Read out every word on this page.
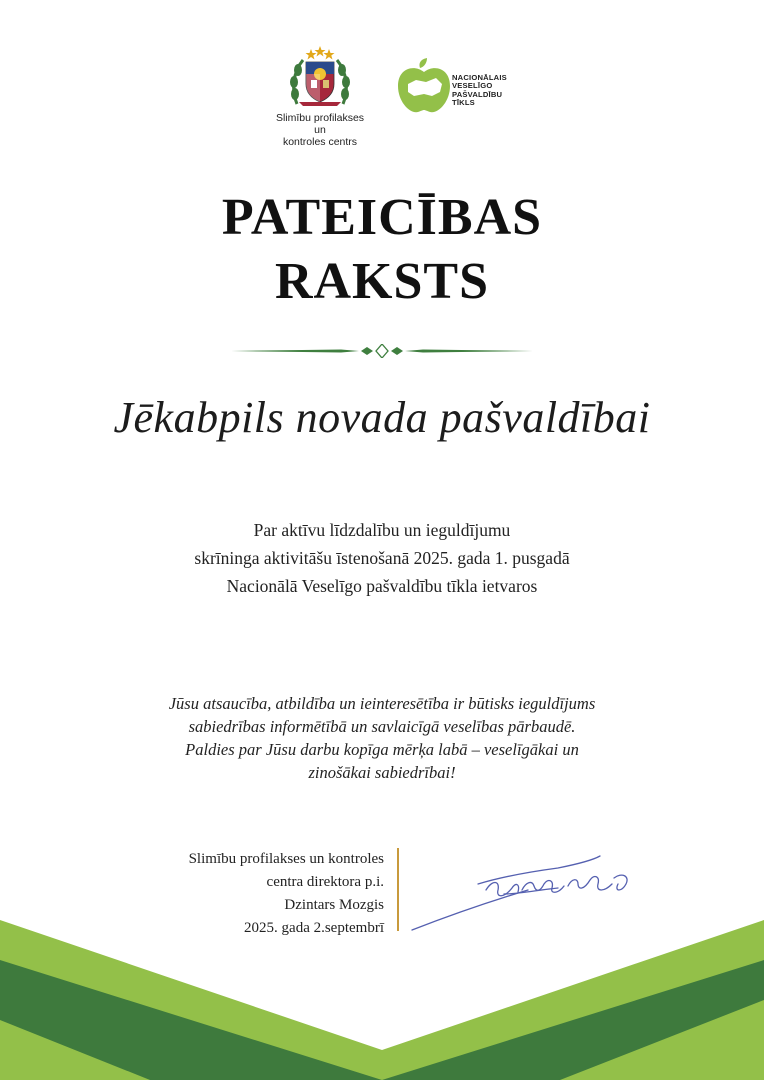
Slimību profilakses un
kontroles centrs
NACIONĀLAIS
VESELĪGO
PAŠVALDĪBU
TĪKLS
PATEICĪBAS
RAKSTS
Jēkabpils novada pašvaldībai
Par aktīvu līdzdalību un ieguldījumu
skrīninga aktivitāšu īstenošanā 2025. gada 1. pusgadā
Nacionālā Veselīgo pašvaldību tīkla ietvaros
Jūsu atsaucība, atbildība un ieinteresētība ir būtisks ieguldījums
sabiedrības informētībā un savlaicīgā veselības pārbaudē.
Paldies par Jūsu darbu kopīga mērķa labā – veselīgākai un
zinošākai sabiedrībai!
Slimību profilakses un kontroles
centra direktora p.i.
Dzintars Mozgis
2025. gada 2.septembrī
